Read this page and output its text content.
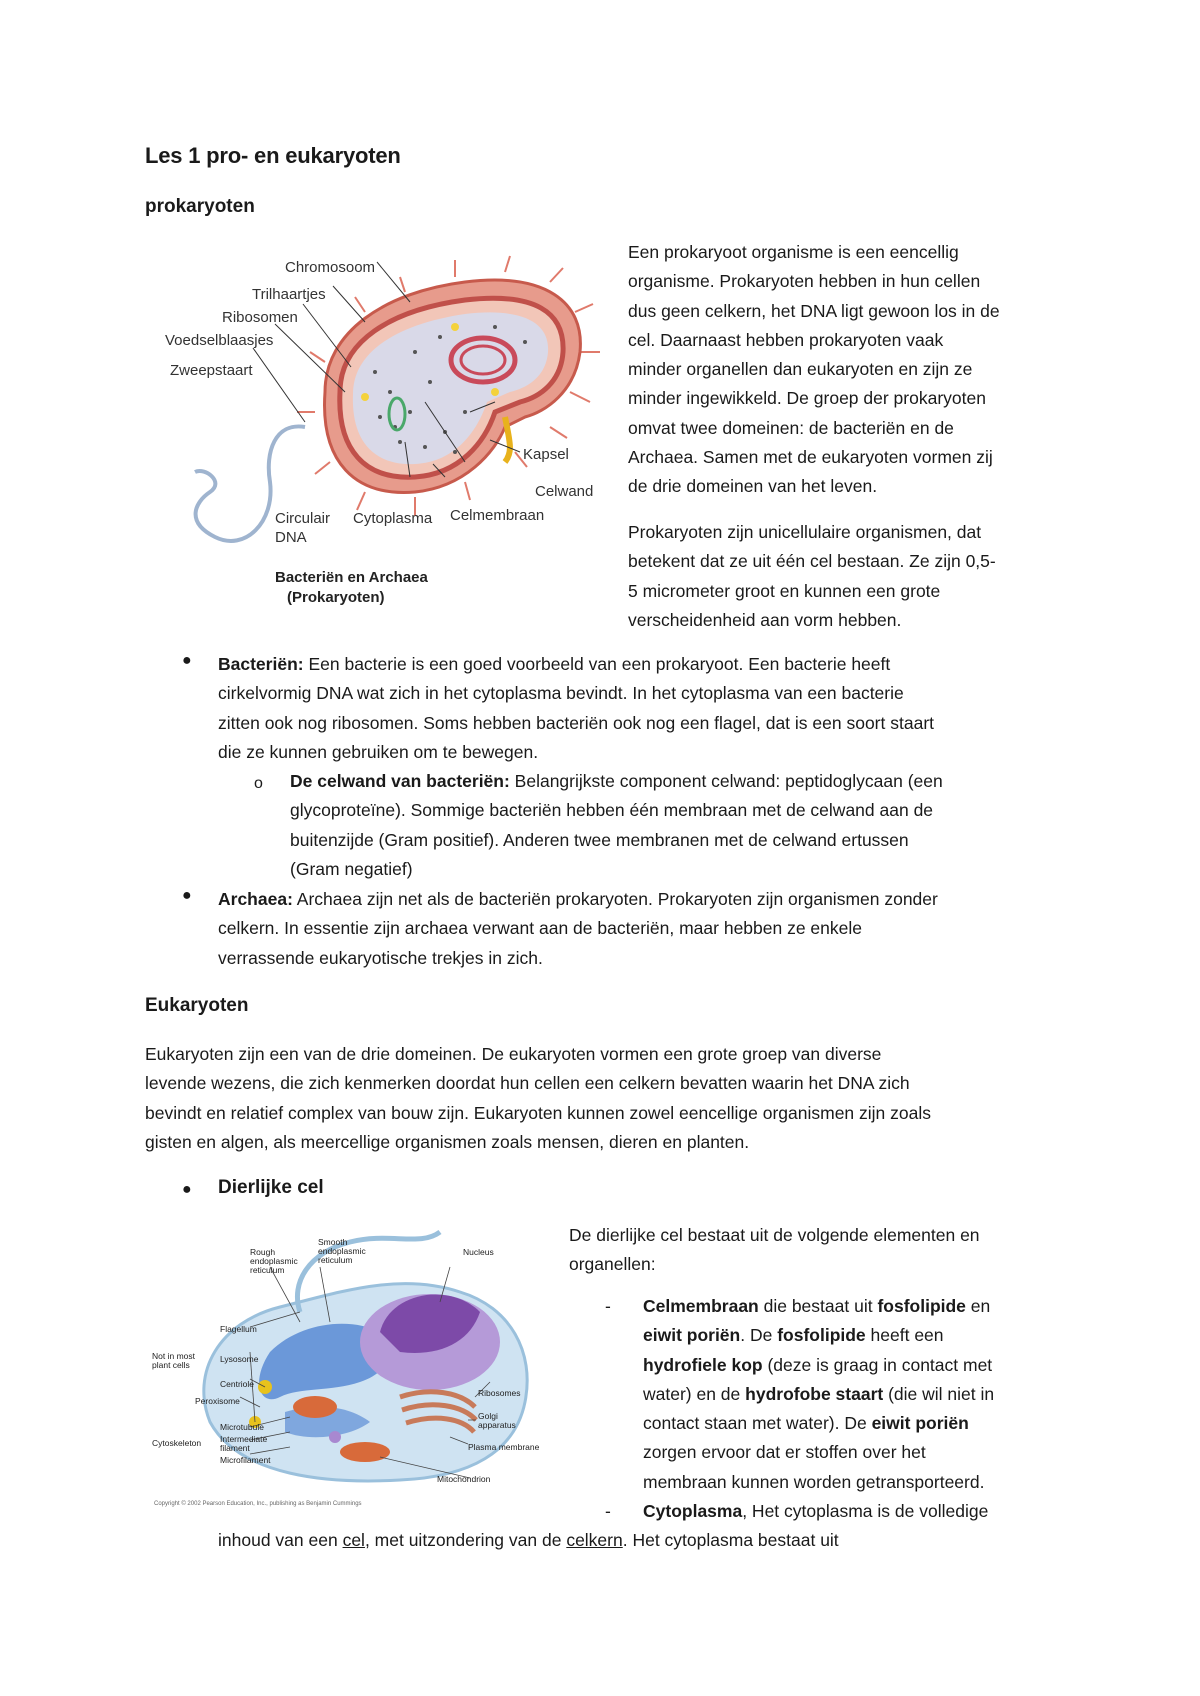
Les 1 pro- en eukaryoten
prokaryoten
Chromosoom
Trilhaartjes
Ribosomen
Voedselblaasjes
Zweepstaart
Kapsel
Celwand
Circulair
DNA
Cytoplasma Celmembraan
Bacteriën en Archaea
(Prokaryoten)
Een prokaryoot organisme is een eencellig
organisme. Prokaryoten hebben in hun cellen
dus geen celkern, het DNA ligt gewoon los in de
cel. Daarnaast hebben prokaryoten vaak
minder organellen dan eukaryoten en zijn ze
minder ingewikkeld. De groep der prokaryoten
omvat twee domeinen: de bacteriën en de
Archaea. Samen met de eukaryoten vormen zij
de drie domeinen van het leven.
Prokaryoten zijn unicellulaire organismen, dat
betekent dat ze uit één cel bestaan. Ze zijn 0,5-
5 micrometer groot en kunnen een grote
verscheidenheid aan vorm hebben.
● Bacteriën: Een bacterie is een goed voorbeeld van een prokaryoot. Een bacterie heeft
cirkelvormig DNA wat zich in het cytoplasma bevindt. In het cytoplasma van een bacterie
zitten ook nog ribosomen. Soms hebben bacteriën ook nog een flagel, dat is een soort staart
die ze kunnen gebruiken om te bewegen.
o De celwand van bacteriën: Belangrijkste component celwand: peptidoglycaan (een
glycoproteïne). Sommige bacteriën hebben één membraan met de celwand aan de
buitenzijde (Gram positief). Anderen twee membranen met de celwand ertussen
(Gram negatief)
● Archaea: Archaea zijn net als de bacteriën prokaryoten. Prokaryoten zijn organismen zonder
celkern. In essentie zijn archaea verwant aan de bacteriën, maar hebben ze enkele
verrassende eukaryotische trekjes in zich.
Eukaryoten
Eukaryoten zijn een van de drie domeinen. De eukaryoten vormen een grote groep van diverse
levende wezens, die zich kenmerken doordat hun cellen een celkern bevatten waarin het DNA zich
bevindt en relatief complex van bouw zijn. Eukaryoten kunnen zowel eencellige organismen zijn zoals
gisten en algen, als meercellige organismen zoals mensen, dieren en planten.
● Dierlijke cel
Rough
endoplasmic
reticulum
Smooth
endoplasmic
reticulum
Nucleus
Flagellum
Not in most
plant cells
Lysosome
Centriole
Peroxisome
Ribosomes
Golgi
apparatus
Plasma membrane
Microtubule
Intermediate
filament
Microfilament
Cytoskeleton
Mitochondrion
Copyright © 2002 Pearson Education, Inc., publishing as Benjamin Cummings
De dierlijke cel bestaat uit de volgende elementen en
organellen:
- Celmembraan die bestaat uit fosfolipide en
eiwit poriën. De fosfolipide heeft een
hydrofiele kop (deze is graag in contact met
water) en de hydrofobe staart (die wil niet in
contact staan met water). De eiwit poriën
zorgen ervoor dat er stoffen over het
membraan kunnen worden getransporteerd.
- Cytoplasma, Het cytoplasma is de volledige
inhoud van een cel, met uitzondering van de celkern. Het cytoplasma bestaat uit
